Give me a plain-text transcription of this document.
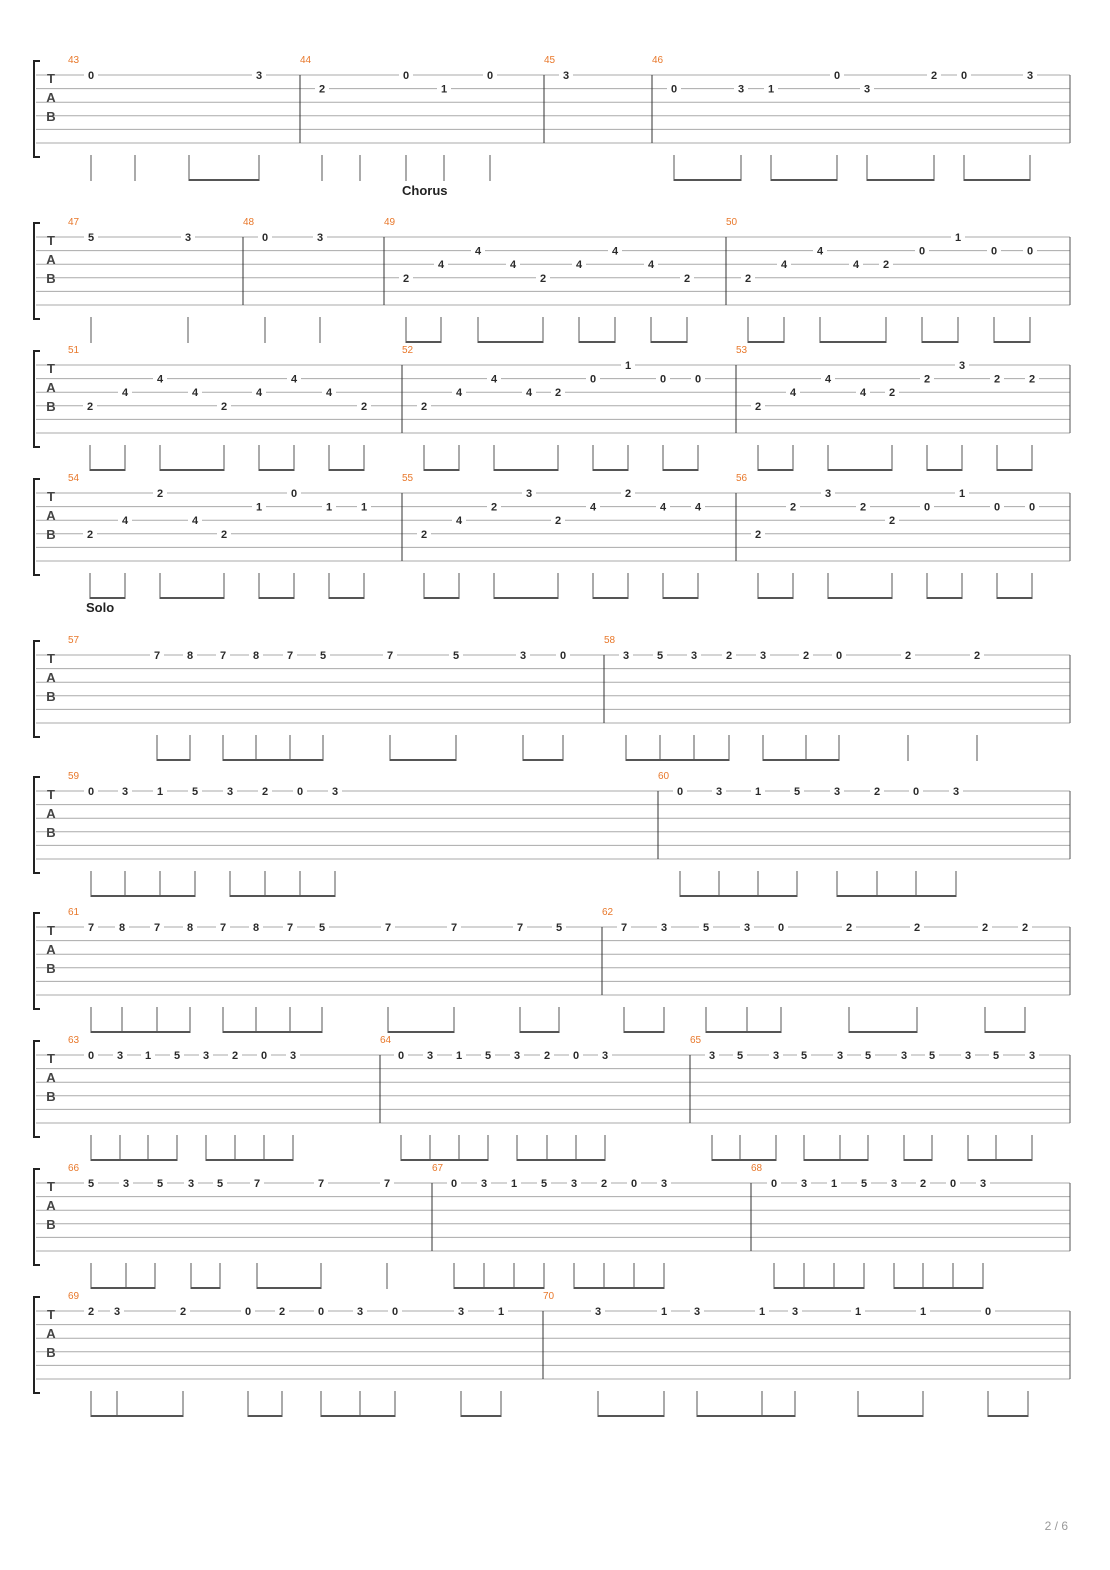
2 / 6
T
A
B
43
0	3
44
2
0
1
0
45
3
46
0	3 1
0
3
2 0	3
T
A
B
Chorus
47
5	3
48
0	3
49
2
4
4
4
2
4
4
4
2
50
2
4
4
4 2
0
1
0	0
T
A
B
51
2
4
4
4
2
4
4
4
2
52
2
4
4
4 2
0
1
0	0
53
2
4
4
4 2
2
3
2	2
T
A
B
54
2
4
2
4
2
1
0
1	1
55
2
4
2
3
2
4
2
4	4
56
2
2
3
2
2
0
1
0	0
T
A
B
Solo
57
7 8 7 8	7 5	7	5	3	0
58
3	5	3	2	3	2 0	2	2
T
A
B
59
0	3	1	5	3	2	0	3
60
0	3	1	5	3	2	0	3
T
A
B
61
7 8	7 8 7 8	7 5	7	7	7	5
62
7	3	5	3	0	2	2	2	2
T
A
B
63
0 3 1 5 3 2 0 3
64
0 3 1 5 3 2 0 3
65
3 5	3 5	3 5	3 5	3 5	3
T
A
B
66
5	3	5 3 5	7	7	7
67
0 3 1 5 3 2 0 3
68
0 3 1 5 3 2 0 3
T
A
B
69
2 3	2	0	2	0	3	0	3	1
70
3	1 3	1 3	1	1	0
